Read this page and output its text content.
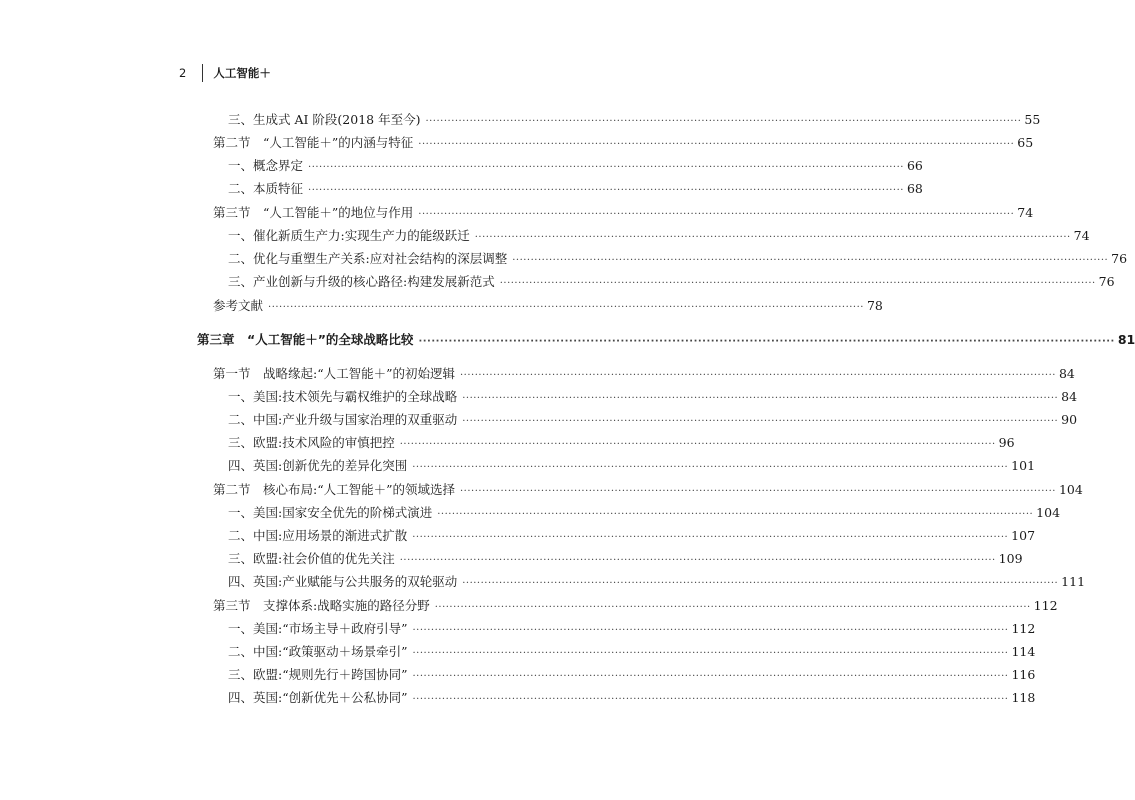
2 人工智能＋
三、生成式 AI 阶段(2018 年至今) ·····	55
第二节　“人工智能＋”的内涵与特征 ·····	65
一、概念界定 ·····	66
二、本质特征 ·····	68
第三节　“人工智能＋”的地位与作用 ·····	74
一、催化新质生产力:实现生产力的能级跃迁 ·····	74
二、优化与重塑生产关系:应对社会结构的深层调整 ·····	76
三、产业创新与升级的核心路径:构建发展新范式 ·····	76
参考文献 ·····	78
第三章　“人工智能＋”的全球战略比较 ·····	81
第一节　战略缘起:“人工智能＋”的初始逻辑 ·····	84
一、美国:技术领先与霸权维护的全球战略 ·····	84
二、中国:产业升级与国家治理的双重驱动 ·····	90
三、欧盟:技术风险的审慎把控 ·····	96
四、英国:创新优先的差异化突围 ·····	101
第二节　核心布局:“人工智能＋”的领域选择 ·····	104
一、美国:国家安全优先的阶梯式演进 ·····	104
二、中国:应用场景的渐进式扩散 ·····	107
三、欧盟:社会价值的优先关注 ·····	109
四、英国:产业赋能与公共服务的双轮驱动 ·····	111
第三节　支撑体系:战略实施的路径分野 ·····	112
一、美国:“市场主导＋政府引导” ·····	112
二、中国:“政策驱动＋场景牵引” ·····	114
三、欧盟:“规则先行＋跨国协同” ·····	116
四、英国:“创新优先＋公私协同” ·····	118
